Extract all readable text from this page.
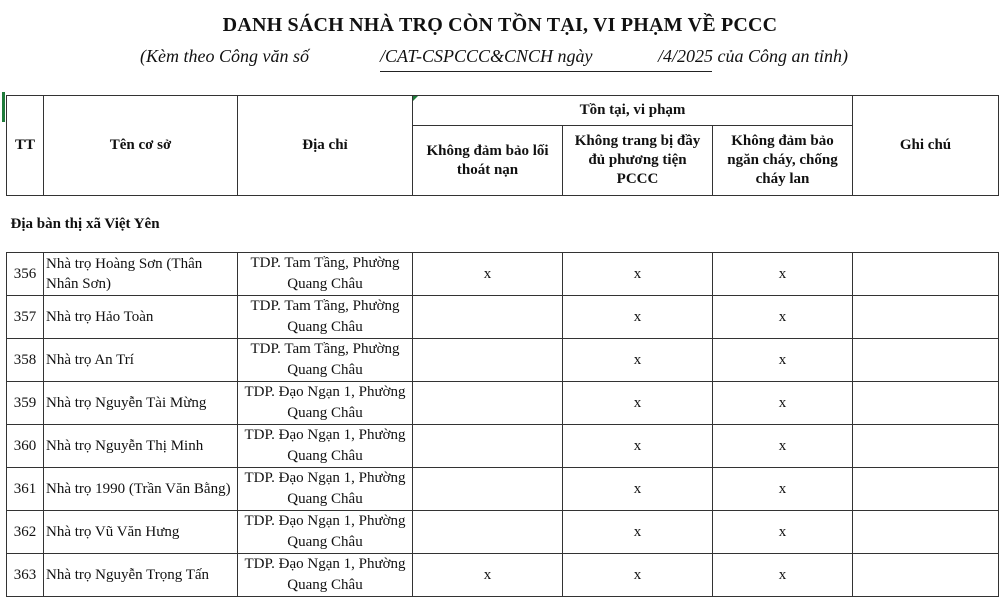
DANH SÁCH NHÀ TRỌ CÒN TỒN TẠI, VI PHẠM VỀ PCCC
(Kèm theo Công văn số	/CAT-CSPCCC&CNCH ngày	/4/2025 của Công an tỉnh)
TT	Tên cơ sở	Địa chỉ	Tồn tại, vi phạm			Ghi chú
			Không đảm bảo lối thoát nạn	Không trang bị đầy đủ phương tiện PCCC	Không đảm bảo ngăn cháy, chống cháy lan	
Địa bàn thị xã Việt Yên						
356	Nhà trọ Hoàng Sơn (Thân Nhân Sơn)	TDP. Tam Tầng, Phường Quang Châu	x	x	x	
357	Nhà trọ Hảo Toàn	TDP. Tam Tầng, Phường Quang Châu		x	x	
358	Nhà trọ An Trí	TDP. Tam Tầng, Phường Quang Châu		x	x	
359	Nhà trọ Nguyễn Tài Mừng	TDP. Đạo Ngạn 1, Phường Quang Châu		x	x	
360	Nhà trọ Nguyễn Thị Minh	TDP. Đạo Ngạn 1, Phường Quang Châu		x	x	
361	Nhà trọ 1990 (Trần Văn Bằng)	TDP. Đạo Ngạn 1, Phường Quang Châu		x	x	
362	Nhà trọ Vũ Văn Hưng	TDP. Đạo Ngạn 1, Phường Quang Châu		x	x	
363	Nhà trọ Nguyễn Trọng Tấn	TDP. Đạo Ngạn 1, Phường Quang Châu	x	x	x	
